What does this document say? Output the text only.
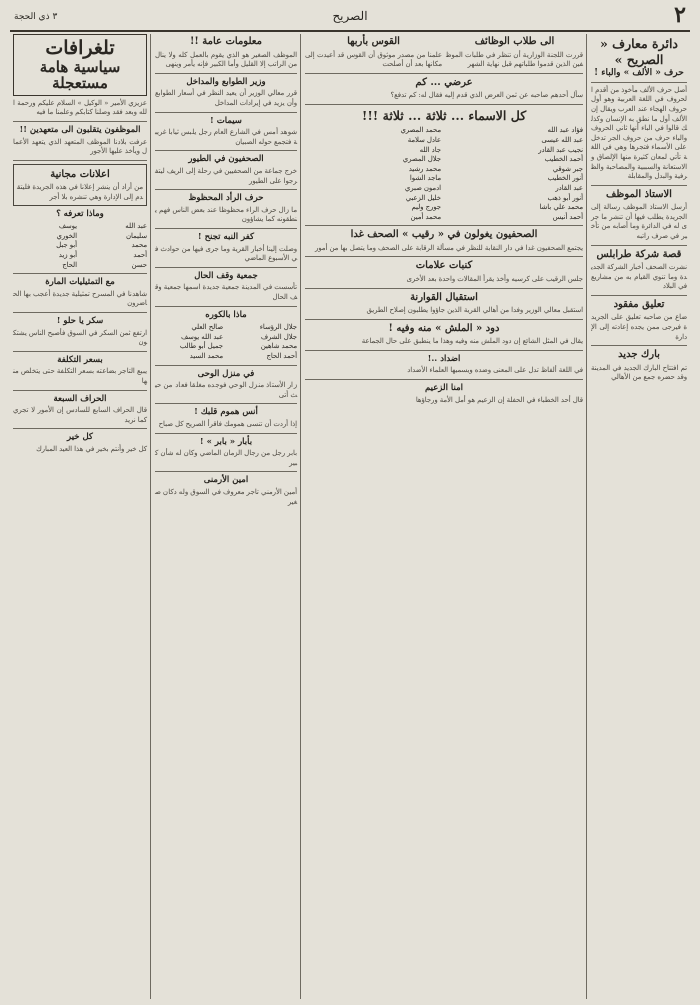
٢
الصريح
٣ ذي الحجة
دائرة معارف « الصريح »
حرف « الألف » والباء !
أصل حرف الألف مأخوذ من أقدم الحروف في اللغة العربية وهو أول حروف الهجاء عند العرب ويقال إن الألف أول ما نطق به الإنسان وكذلك قالوا في الباء أنها ثاني الحروف والباء حرف من حروف الجر تدخل على الأسماء فتجرها وهي في اللغة تأتي لمعان كثيرة منها الإلصاق والاستعانة والسببية والمصاحبة والظرفية والبدل والمقابلة
الاستاذ الموظف
أرسل الاستاذ الموظف رسالة إلى الجريدة يطلب فيها أن تنشر ما جرى له في الدائرة وما أصابه من تأخير في صرف راتبه
قصة شركة طرابلس
نشرت الصحف أخبار الشركة الجديدة وما تنوي القيام به من مشاريع في البلاد
تعليق مفقود
ضاع من صاحبه تعليق على الجريدة فيرجى ممن يجده إعادته إلى الإدارة
بارك جديد
تم افتتاح البارك الجديد في المدينة وقد حضره جمع من الأهالي
الى طلاب الوظائف
قررت اللجنة الوزارية أن تنظر في طلبات الموظفين الذين قدموا طلباتهم قبل نهاية الشهر
القوس بأربها
علمنا من مصدر موثوق أن القوس قد أعيدت إلى مكانها بعد أن أصلحت
عرضي ... كم
سأل أحدهم صاحبه عن ثمن العرض الذي قدم إليه فقال له: كم تدفع؟
كل الاسماء ... ثلاثة ... ثلاثة !!!
فؤاد عبد الله
عبد الله عيسى
نجيب عبد القادر
أحمد الخطيب
جبر شوقي
أنور الخطيب
عبد القادر
أنور أبو ذهب
محمد علي باشا
أحمد أنيس
محمد المصري
عادل سلامة
جاد الله
جلال المصري
محمد رشيد
ماجد الشوا
ادمون صبري
خليل الزعبي
جورج وليم
محمد أمين
الصحفيون يغولون في « رقيب » الصحف غدا
يجتمع الصحفيون غدا في دار النقابة للنظر في مسألة الرقابة على الصحف وما يتصل بها من أمور
كنبات علامات
جلس الرقيب على كرسيه وأخذ يقرأ المقالات واحدة بعد الأخرى
استقبال القوارنة
استقبل معالي الوزير وفدا من أهالي القرية الذين جاؤوا يطلبون إصلاح الطريق
دود « الملش » منه وفيه !
يقال في المثل الشائع إن دود الملش منه وفيه وهذا ما ينطبق على حال الجماعة
اضداد ..!
في اللغة ألفاظ تدل على المعنى وضده ويسميها العلماء الأضداد
امنا الزعيم
قال أحد الخطباء في الحفلة إن الزعيم هو أمل الأمة ورجاؤها
معلومات عامة !!
الموظف الصغير هو الذي يقوم بالعمل كله ولا ينال من الراتب إلا القليل وأما الكبير فإنه يأمر وينهى
وزير الطوابع والمداخل
قرر معالي الوزير أن يعيد النظر في أسعار الطوابع وأن يزيد في إيرادات المداخل
سيمات !
شوهد أمس في الشارع العام رجل يلبس ثيابا غريبة فتجمع حوله الصبيان
الصحفيون في الطيور
خرج جماعة من الصحفيين في رحلة إلى الريف ليتفرجوا على الطيور
حرف الرأد المحظوظ
ما زال حرف الراء محظوظا عند بعض الناس فهم ينطقونه كما يشاؤون
كفر النبه تجنح !
وصلت إلينا أخبار القرية وما جرى فيها من حوادث في الأسبوع الماضي
جمعية وقف الحال
تأسست في المدينة جمعية جديدة اسمها جمعية وقف الحال
ماذا بالكوره
جلال الرؤساء
جلال الشرف
محمد شاهين
أحمد الحاج
صالح العلي
عبد الله يوسف
جميل أبو طالب
محمد السيد
في منزل الوحى
زار الأستاذ منزل الوحي فوجده مغلقا فعاد من حيث أتى
أنس هموم قلبك !
إذا أردت أن تنسى همومك فاقرأ الصريح كل صباح
بأبار « بابر » !
بابر رجل من رجال الزمان الماضي وكان له شأن كبير
امين الأرمنى
أمين الأرمني تاجر معروف في السوق وله دكان صغير
تلغرافات
سياسية هامة مستعجلة
عزيزي الأمير « الوكيل » السلام عليكم ورحمة الله وبعد فقد وصلنا كتابكم وعلمنا ما فيه
الموظفون يتقلبون الى متعهدين !!
عرفت بلادنا الموظف المتعهد الذي يتعهد الأعمال ويأخذ عليها الأجور
اعلانات مجانية
من أراد أن ينشر إعلانا في هذه الجريدة فليتقدم إلى الإدارة وهي تنشره بلا أجر
وماذا تعرفه ؟
عبد الله
سليمان
محمد
أحمد
حسن
يوسف
الخوري
أبو جبل
أبو زيد
الحاج
مع التمثيليات المارة
شاهدنا في المسرح تمثيلية جديدة أعجب بها الحاضرون
سكر يا حلو !
ارتفع ثمن السكر في السوق فأصبح الناس يشتكون
بسعر التكلفة
يبيع التاجر بضاعته بسعر التكلفة حتى يتخلص منها
الحراف السبعة
قال الحراف السابع للسادس إن الأمور لا تجري كما نريد
كل خير
كل خير وأنتم بخير في هذا العيد المبارك
